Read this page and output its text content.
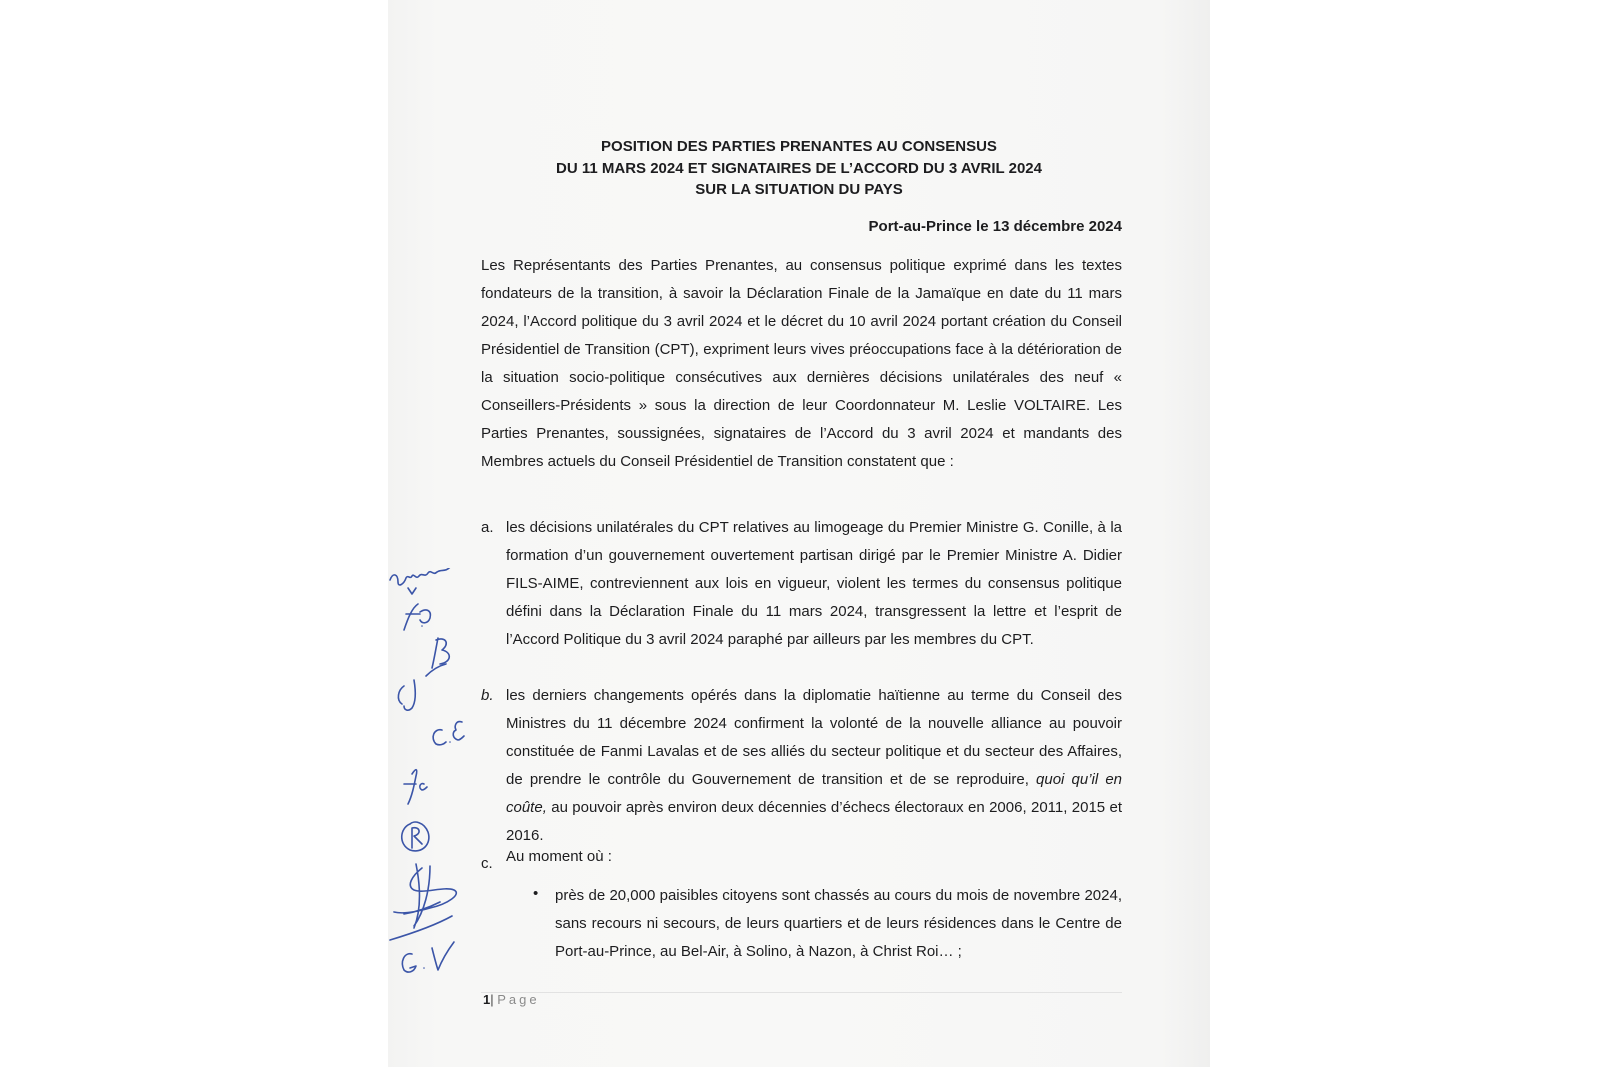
POSITION DES PARTIES PRENANTES AU CONSENSUS
DU 11 MARS 2024 ET SIGNATAIRES DE L’ACCORD DU 3 AVRIL 2024
SUR LA SITUATION DU PAYS
Port-au-Prince le 13 décembre 2024
Les Représentants des Parties Prenantes, au consensus politique exprimé dans les textes fondateurs de la transition, à savoir la Déclaration Finale de la Jamaïque en date du 11 mars 2024, l’Accord politique du 3 avril 2024 et le décret du 10 avril 2024 portant création du Conseil Présidentiel de Transition (CPT), expriment leurs vives préoccupations face à la détérioration de la situation socio-politique consécutives aux dernières décisions unilatérales des neuf « Conseillers-Présidents » sous la direction de leur Coordonnateur M. Leslie VOLTAIRE. Les Parties Prenantes, soussignées, signataires de l’Accord du 3 avril 2024 et mandants des Membres actuels du Conseil Présidentiel de Transition constatent que :
a. les décisions unilatérales du CPT relatives au limogeage du Premier Ministre G. Conille, à la formation d’un gouvernement ouvertement partisan dirigé par le Premier Ministre A. Didier FILS-AIME, contreviennent aux lois en vigueur, violent les termes du consensus politique défini dans la Déclaration Finale du 11 mars 2024, transgressent la lettre et l’esprit de l’Accord Politique du 3 avril 2024 paraphé par ailleurs par les membres du CPT.
b. les derniers changements opérés dans la diplomatie haïtienne au terme du Conseil des Ministres du 11 décembre 2024 confirment la volonté de la nouvelle alliance au pouvoir constituée de Fanmi Lavalas et de ses alliés du secteur politique et du secteur des Affaires, de prendre le contrôle du Gouvernement de transition et de se reproduire, quoi qu’il en coûte, au pouvoir après environ deux décennies d’échecs électoraux en 2006, 2011, 2015 et 2016.
c. Au moment où :
• près de 20,000 paisibles citoyens sont chassés au cours du mois de novembre 2024, sans recours ni secours, de leurs quartiers et de leurs résidences dans le Centre de Port-au-Prince, au Bel-Air, à Solino, à Nazon, à Christ Roi… ;
1| Page
